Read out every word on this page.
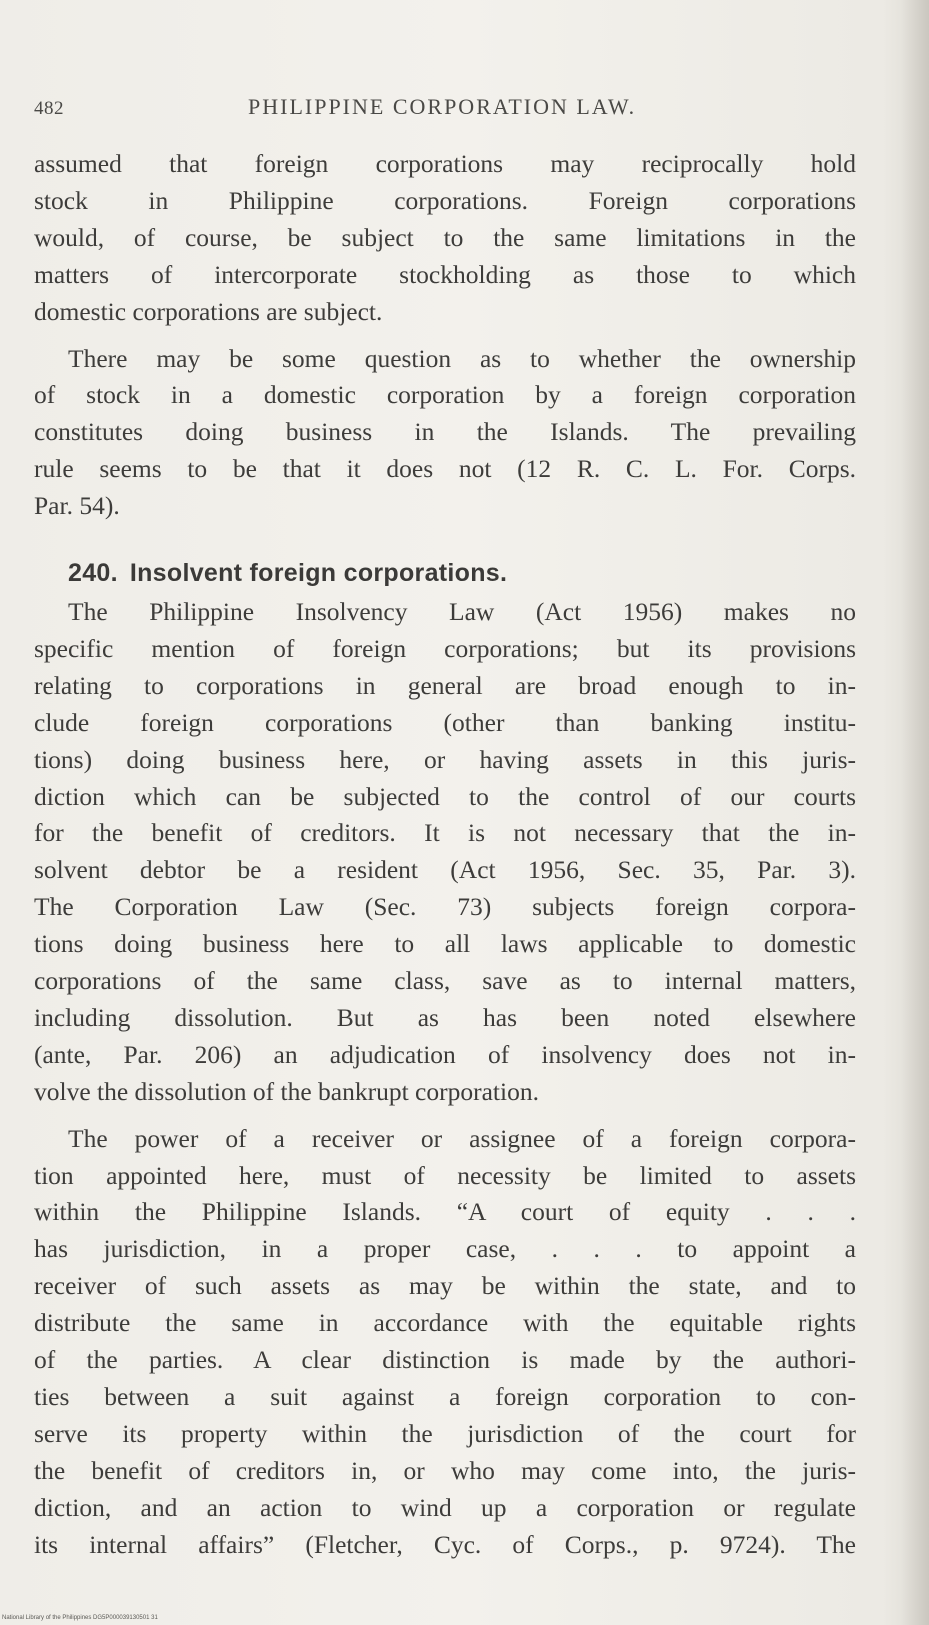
482	PHILIPPINE CORPORATION LAW.

assumed that foreign corporations may reciprocally hold
stock in Philippine corporations. Foreign corporations
would, of course, be subject to the same limitations in the
matters of intercorporate stockholding as those to which
domestic corporations are subject.

There may be some question as to whether the ownership
of stock in a domestic corporation by a foreign corporation
constitutes doing business in the Islands. The prevailing
rule seems to be that it does not (12 R. C. L. For. Corps.
Par. 54).

240. Insolvent foreign corporations.

The Philippine Insolvency Law (Act 1956) makes no
specific mention of foreign corporations; but its provisions
relating to corporations in general are broad enough to in-
clude foreign corporations (other than banking institu-
tions) doing business here, or having assets in this juris-
diction which can be subjected to the control of our courts
for the benefit of creditors. It is not necessary that the in-
solvent debtor be a resident (Act 1956, Sec. 35, Par. 3).
The Corporation Law (Sec. 73) subjects foreign corpora-
tions doing business here to all laws applicable to domestic
corporations of the same class, save as to internal matters,
including dissolution. But as has been noted elsewhere
(ante, Par. 206) an adjudication of insolvency does not in-
volve the dissolution of the bankrupt corporation.

The power of a receiver or assignee of a foreign corpora-
tion appointed here, must of necessity be limited to assets
within the Philippine Islands. “A court of equity . . .
has jurisdiction, in a proper case, . . . to appoint a
receiver of such assets as may be within the state, and to
distribute the same in accordance with the equitable rights
of the parties. A clear distinction is made by the authori-
ties between a suit against a foreign corporation to con-
serve its property within the jurisdiction of the court for
the benefit of creditors in, or who may come into, the juris-
diction, and an action to wind up a corporation or regulate
its internal affairs” (Fletcher, Cyc. of Corps., p. 9724). The

National Library of the Philippines DG5P000039130501 31
